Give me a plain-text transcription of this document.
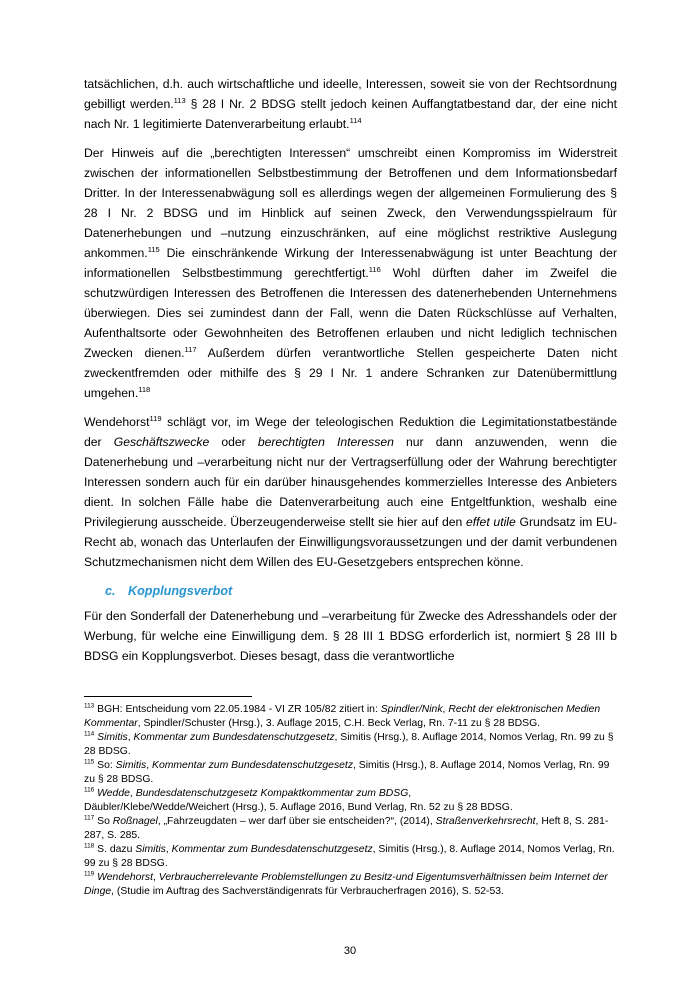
tatsächlichen, d.h. auch wirtschaftliche und ideelle, Interessen, soweit sie von der Rechtsordnung gebilligt werden.$^{113}$ § 28 I Nr. 2 BDSG stellt jedoch keinen Auffangtatbestand dar, der eine nicht nach Nr. 1 legitimierte Datenverarbeitung erlaubt.$^{114}$

Der Hinweis auf die „berechtigten Interessen“ umschreibt einen Kompromiss im Widerstreit zwischen der informationellen Selbstbestimmung der Betroffenen und dem Informationsbedarf Dritter. In der Interessenabwägung soll es allerdings wegen der allgemeinen Formulierung des § 28 I Nr. 2 BDSG und im Hinblick auf seinen Zweck, den Verwendungsspielraum für Datenerhebungen und –nutzung einzuschränken, auf eine möglichst restriktive Auslegung ankommen.$^{115}$ Die einschränkende Wirkung der Interessenabwägung ist unter Beachtung der informationellen Selbstbestimmung gerechtfertigt.$^{116}$ Wohl dürften daher im Zweifel die schutzwürdigen Interessen des Betroffenen die Interessen des datenerhebenden Unternehmens überwiegen. Dies sei zumindest dann der Fall, wenn die Daten Rückschlüsse auf Verhalten, Aufenthaltsorte oder Gewohnheiten des Betroffenen erlauben und nicht lediglich technischen Zwecken dienen.$^{117}$ Außerdem dürfen verantwortliche Stellen gespeicherte Daten nicht zweckentfremden oder mithilfe des § 29 I Nr. 1 andere Schranken zur Datenübermittlung umgehen.$^{118}$

Wendehorst$^{119}$ schlägt vor, im Wege der teleologischen Reduktion die Legimitationstatbestände der Geschäftszwecke oder berechtigten Interessen nur dann anzuwenden, wenn die Datenerhebung und –verarbeitung nicht nur der Vertragserfüllung oder der Wahrung berechtigter Interessen sondern auch für ein darüber hinausgehendes kommerzielles Interesse des Anbieters dient. In solchen Fälle habe die Datenverarbeitung auch eine Entgeltfunktion, weshalb eine Privilegierung ausscheide. Überzeugenderweise stellt sie hier auf den effet utile Grundsatz im EU-Recht ab, wonach das Unterlaufen der Einwilligungsvoraussetzungen und der damit verbundenen Schutzmechanismen nicht dem Willen des EU-Gesetzgebers entsprechen könne.

c. Kopplungsverbot

Für den Sonderfall der Datenerhebung und –verarbeitung für Zwecke des Adresshandels oder der Werbung, für welche eine Einwilligung dem. § 28 III 1 BDSG erforderlich ist, normiert § 28 III b BDSG ein Kopplungsverbot. Dieses besagt, dass die verantwortliche

$^{113}$ BGH: Entscheidung vom 22.05.1984 - VI ZR 105/82 zitiert in: Spindler/Nink, Recht der elektronischen Medien Kommentar, Spindler/Schuster (Hrsg.), 3. Auflage 2015, C.H. Beck Verlag, Rn. 7-11 zu § 28 BDSG.

$^{114}$ Simitis, Kommentar zum Bundesdatenschutzgesetz, Simitis (Hrsg.), 8. Auflage 2014, Nomos Verlag, Rn. 99 zu § 28 BDSG.

$^{115}$ So: Simitis, Kommentar zum Bundesdatenschutzgesetz, Simitis (Hrsg.), 8. Auflage 2014, Nomos Verlag, Rn. 99 zu § 28 BDSG.

$^{116}$ Wedde, Bundesdatenschutzgesetz Kompaktkommentar zum BDSG,
Däubler/Klebe/Wedde/Weichert (Hrsg.), 5. Auflage 2016, Bund Verlag, Rn. 52 zu § 28 BDSG.

$^{117}$ So Roßnagel, „Fahrzeugdaten – wer darf über sie entscheiden?“, (2014), Straßenverkehrsrecht, Heft 8, S. 281-287, S. 285.

$^{118}$ S. dazu Simitis, Kommentar zum Bundesdatenschutzgesetz, Simitis (Hrsg.), 8. Auflage 2014, Nomos Verlag, Rn. 99 zu § 28 BDSG.

$^{119}$ Wendehorst, Verbraucherrelevante Problemstellungen zu Besitz-und Eigentumsverhältnissen beim Internet der Dinge, (Studie im Auftrag des Sachverständigenrats für Verbraucherfragen 2016), S. 52-53.

30
